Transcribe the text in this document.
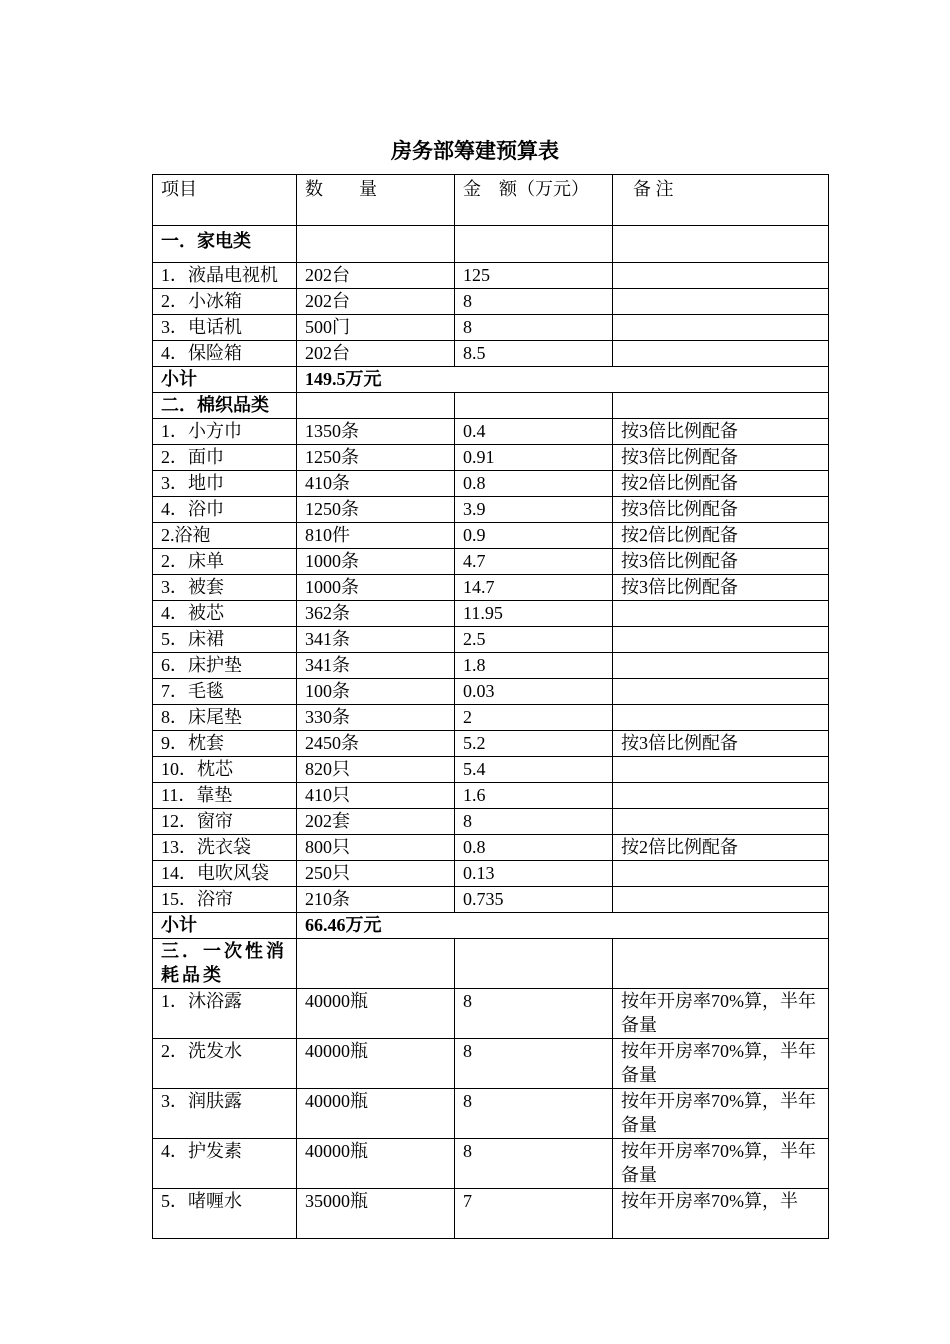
房务部筹建预算表
项目	数　　量	金　额（万元）	备 注
一．家电类			
1．液晶电视机	202台	125	
2．小冰箱	202台	8	
3．电话机	500门	8	
4．保险箱	202台	8.5	
小计	149.5万元		
二．棉织品类			
1．小方巾	1350条	0.4	按3倍比例配备
2．面巾	1250条	0.91	按3倍比例配备
3．地巾	410条	0.8	按2倍比例配备
4．浴巾	1250条	3.9	按3倍比例配备
2.浴袍	810件	0.9	按2倍比例配备
2．床单	1000条	4.7	按3倍比例配备
3．被套	1000条	14.7	按3倍比例配备
4．被芯	362条	11.95	
5．床裙	341条	2.5	
6．床护垫	341条	1.8	
7．毛毯	100条	0.03	
8．床尾垫	330条	2	
9．枕套	2450条	5.2	按3倍比例配备
10．枕芯	820只	5.4	
11．靠垫	410只	1.6	
12．窗帘	202套	8	
13．洗衣袋	800只	0.8	按2倍比例配备
14．电吹风袋	250只	0.13	
15．浴帘	210条	0.735	
小计	66.46万元		
三．一次性消耗品类			
1．沐浴露	40000瓶	8	按年开房率70%算，半年备量
2．洗发水	40000瓶	8	按年开房率70%算，半年备量
3．润肤露	40000瓶	8	按年开房率70%算，半年备量
4．护发素	40000瓶	8	按年开房率70%算，半年备量
5．啫喱水	35000瓶	7	按年开房率70%算，半
